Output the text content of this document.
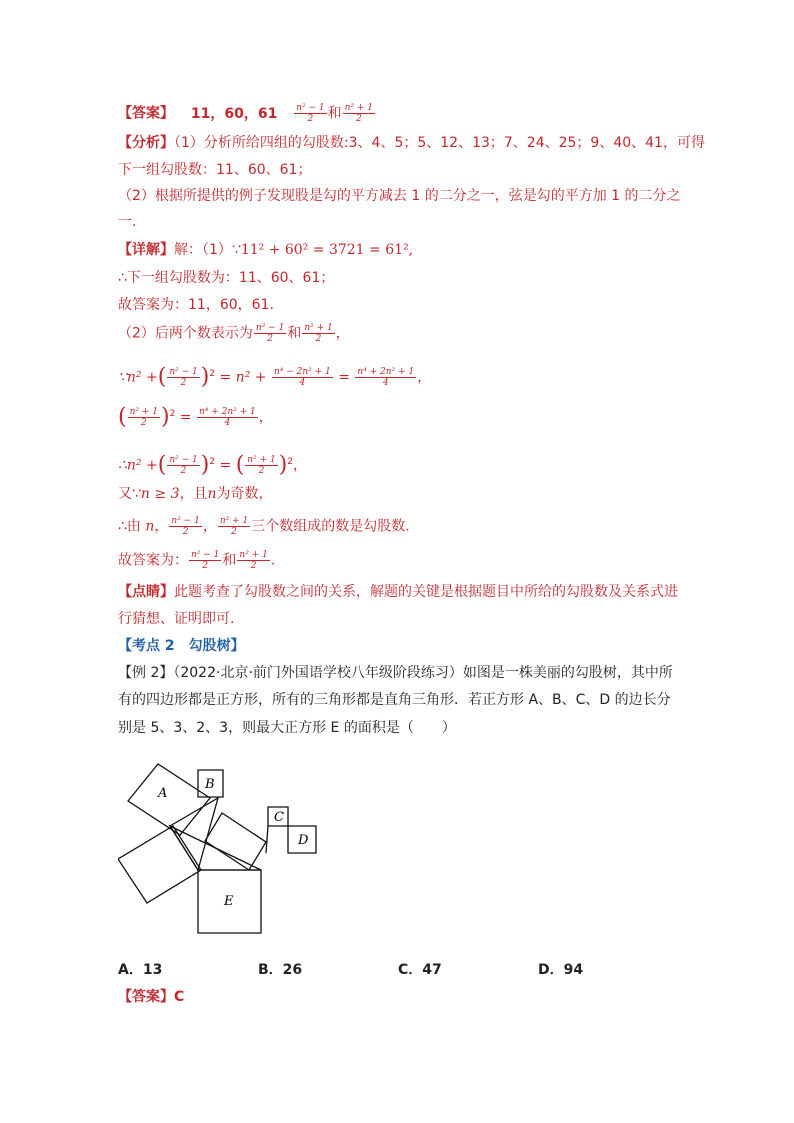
【答案】 11，60，$61 \frac{\text{n² − 1}}{2}$ 和 $\frac{\text{n² + 1}}{2}$
【分析】（1）分析所给四组的勾股数:3、4、5；5、12、13；7、24、25；9、40、41，可得
下一组勾股数：11、60、61；
（2）根据所提供的例子发现股是勾的平方减去 1 的二分之一，弦是勾的平方加 1 的二分之
一.
【详解】解：（1）∵11² + 60² = 3721 = 61²,
∴下一组勾股数为：11、60、61；
故答案为：11，60，61.
（2）后两个数表示为 $\frac{\text{n² − 1}}{2}$ 和 $\frac{\text{n² + 1}}{2}$ ，
∵n² +( $\frac{\text{n² − 1}}{2} )^2 = n^2 + \frac{\text{n⁴ − 2n² + 1}}{4} = \frac{\text{n⁴ + 2n² + 1}}{4}$ ，
( $\frac{\text{n² + 1}}{2} )^2 = \frac{\text{n⁴ + 2n² + 1}}{4}$ ，
∴n² +( $\frac{\text{n² − 1}}{2} )^2$ = ( $\frac{\text{n² + 1}}{2} )^2$，
又∵n ≥ 3，且n为奇数，
∴由 n， $\frac{\text{n² − 1}}{2}$ ， $\frac{\text{n² + 1}}{2}$ 三个数组成的数是勾股数.
故答案为： $\frac{\text{n² − 1}}{2}$ 和 $\frac{\text{n² + 1}}{2}$ .
【点睛】此题考查了勾股数之间的关系，解题的关键是根据题目中所给的勾股数及关系式进
行猜想、证明即可.
【考点 2　勾股树】
【例 2】（2022·北京·前门外国语学校八年级阶段练习）如图是一株美丽的勾股树，其中所
有的四边形都是正方形，所有的三角形都是直角三角形．若正方形 A、B、C、D 的边长分
别是 5、3、2、3，则最大正方形 E 的面积是（　　）
A
B
C
D
E
A．13	B．26	C．47	D．94
【答案】C
